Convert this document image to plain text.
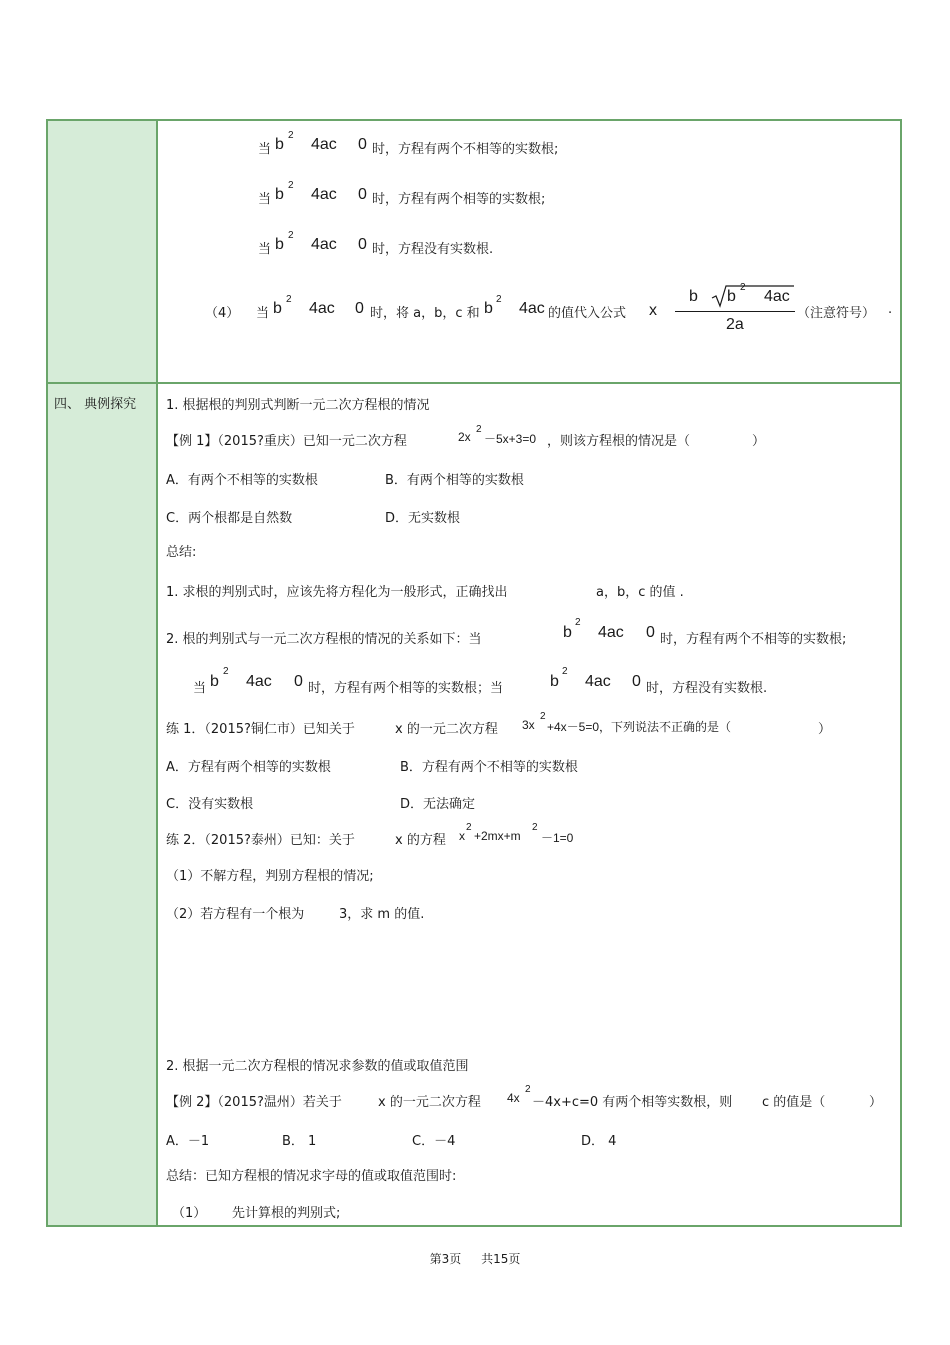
四、 典例探究
当 b
2
4ac 0 时，方程有两个不相等的实数根;
当 b
2
4ac 0 时，方程有两个相等的实数根;
当 b
2
4ac 0 时，方程没有实数根.
（4） 当 b
2
4ac 0 时，将 a，b，c 和 b
2
4ac 的值代入公式 x
b b
2
4ac
2a
（注意符号） .
1. 根据根的判别式判断一元二次方程根的情况
【例 1】（2015?重庆）已知一元二次方程	2x
2
－5x+3=0 ，则该方程根的情况是（	）
A．有两个不相等的实数根	B．有两个相等的实数根
C．两个根都是自然数	D．无实数根
总结:
1. 求根的判别式时，应该先将方程化为一般形式，正确找出	a，b，c 的值 .
2. 根的判别式与一元二次方程根的情况的关系如下：当	b
2
4ac 0 时，方程有两个不相等的实数根;
当 b
2
4ac 0 时，方程有两个相等的实数根；当	b
2
4ac 0 时，方程没有实数根.
练 1．（2015?铜仁市）已知关于	x 的一元二次方程 3x
2
+4x－5=0，下列说法不正确的是（	）
A．方程有两个相等的实数根	B．方程有两个不相等的实数根
C．没有实数根	D．无法确定
练 2．（2015?泰州）已知：关于	x 的方程 x
2
+2mx+m
2
－1=0
（1）不解方程，判别方程根的情况;
（2）若方程有一个根为	3，求 m 的值.
2. 根据一元二次方程根的情况求参数的值或取值范围
【例 2】（2015?温州）若关于	x 的一元二次方程 4x
2
－4x+c=0 有两个相等实数根，则 c 的值是（	）
A．－1	B． 1	C．－4	D． 4
总结：已知方程根的情况求字母的值或取值范围时:
（1） 先计算根的判别式;
第3页 共15页
